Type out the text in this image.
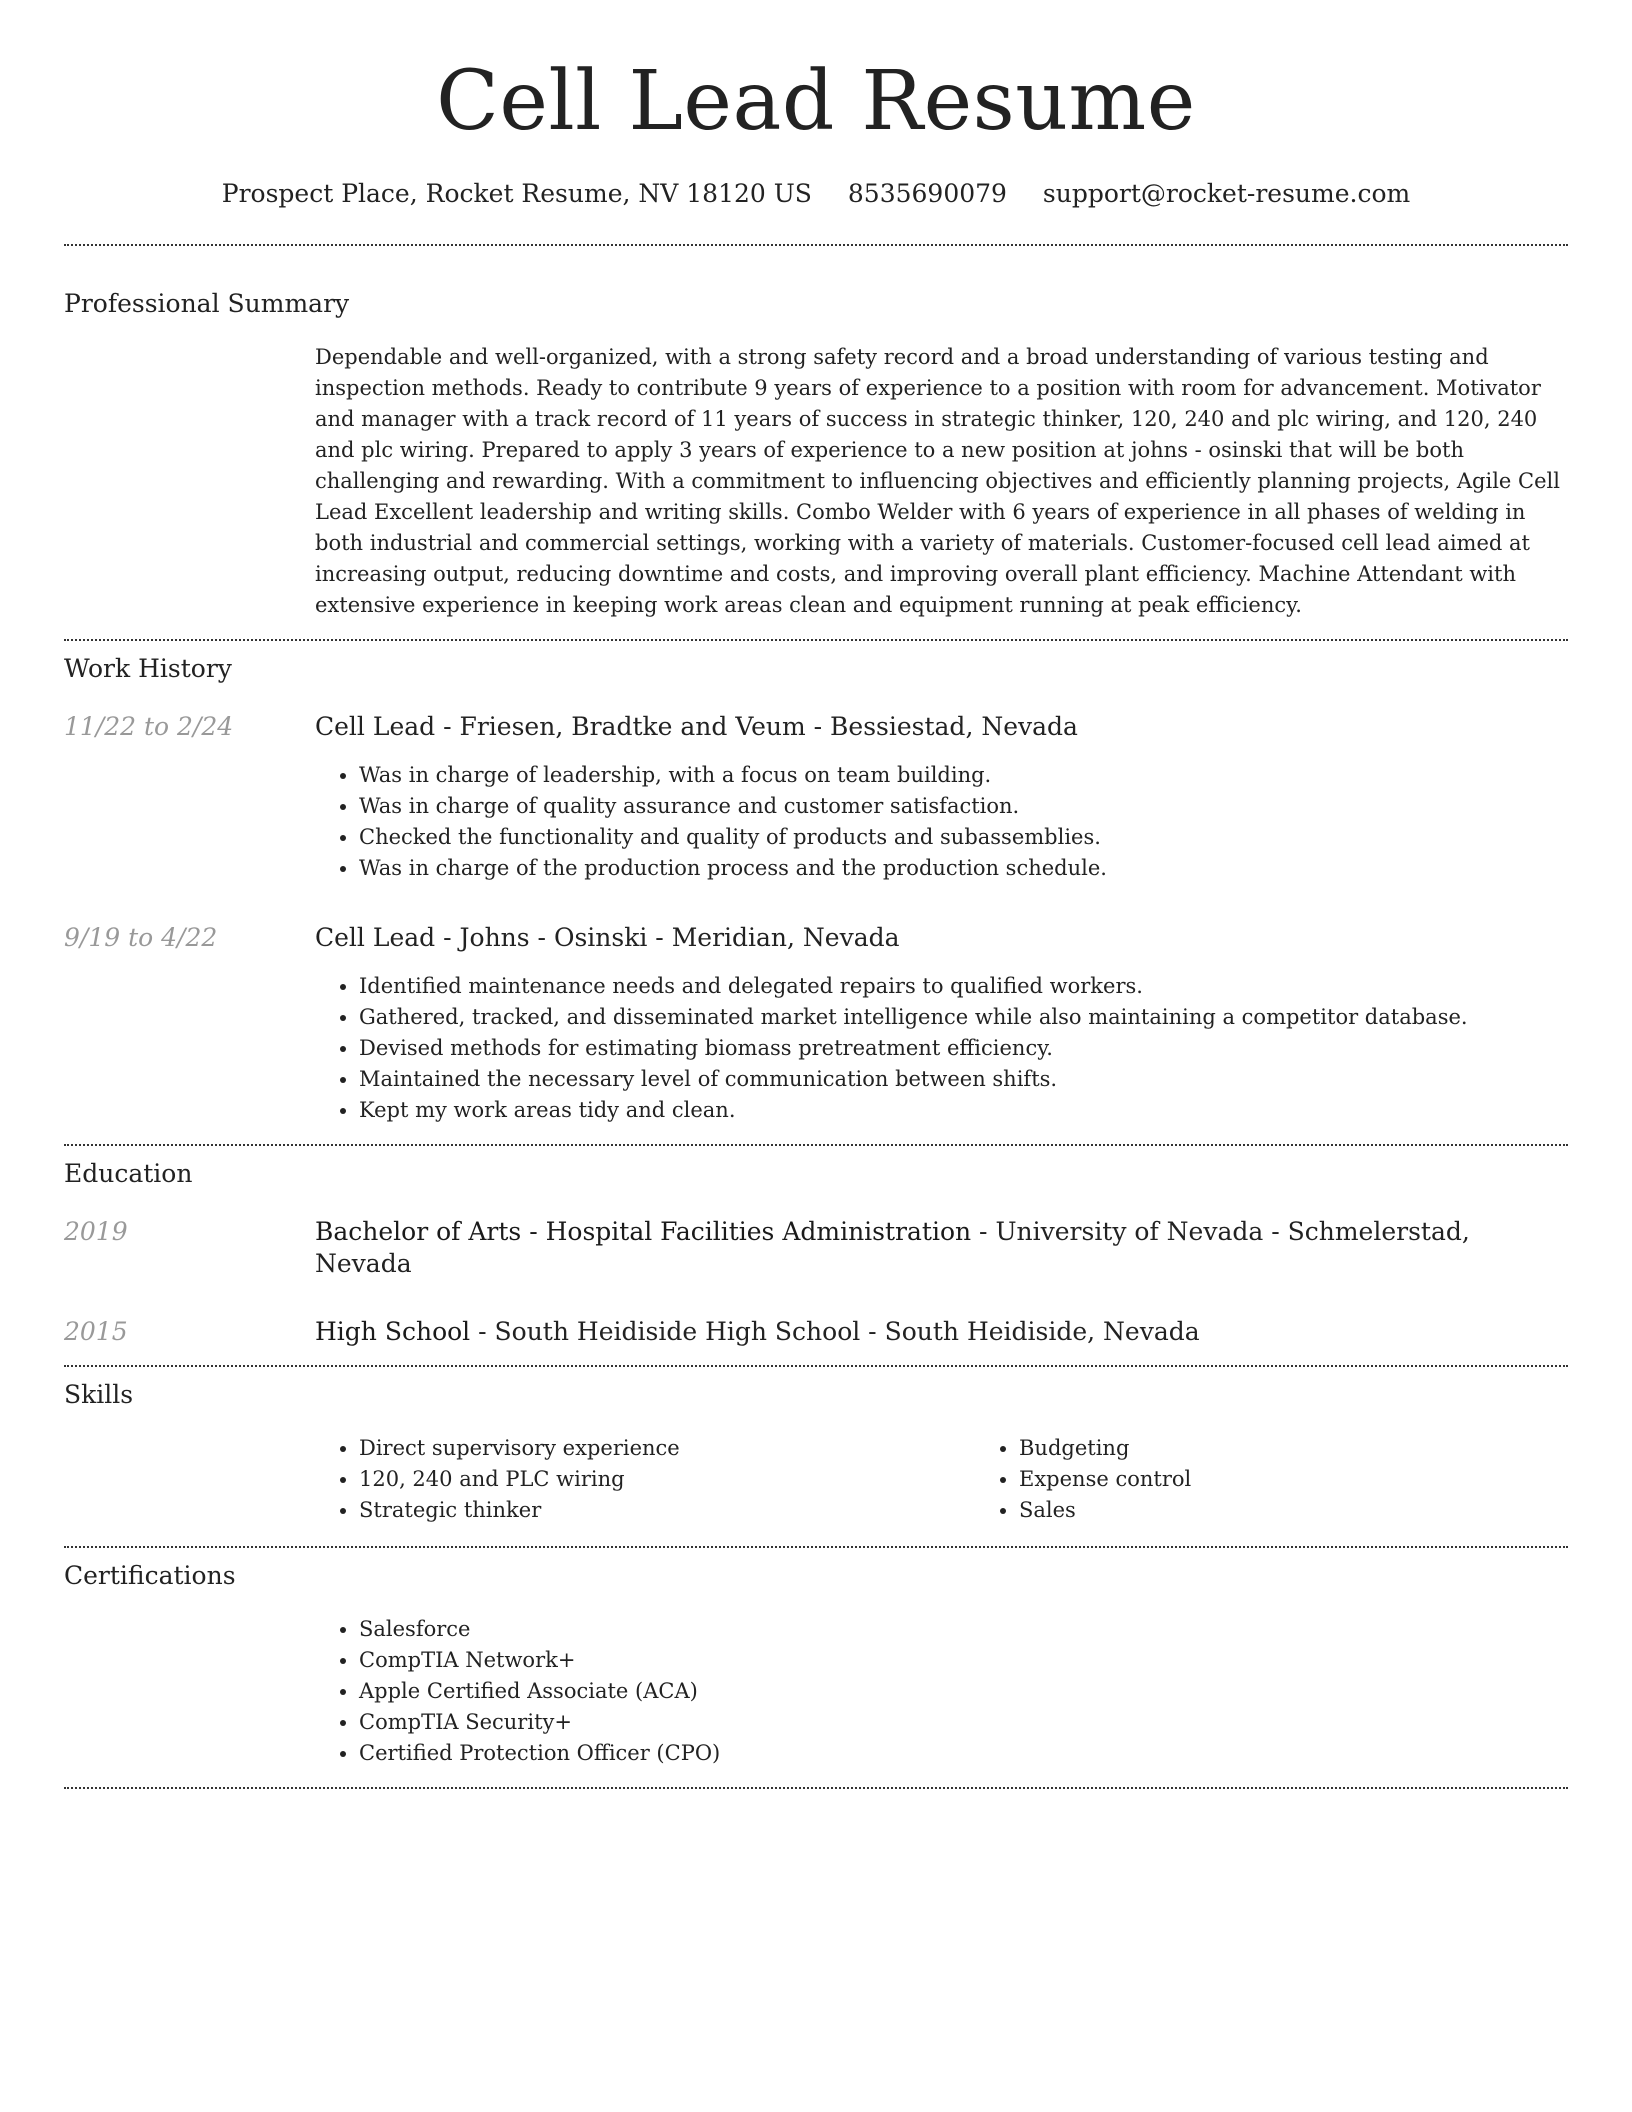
Cell Lead Resume
Prospect Place, Rocket Resume, NV 18120 US 8535690079 support@rocket-resume.com
Professional Summary

Dependable and well-organized, with a strong safety record and a broad understanding of various testing and inspection methods. Ready to contribute 9 years of experience to a position with room for advancement. Motivator and manager with a track record of 11 years of success in strategic thinker, 120, 240 and plc wiring, and 120, 240 and plc wiring. Prepared to apply 3 years of experience to a new position at johns - osinski that will be both challenging and rewarding. With a commitment to influencing objectives and efficiently planning projects, Agile Cell Lead Excellent leadership and writing skills. Combo Welder with 6 years of experience in all phases of welding in both industrial and commercial settings, working with a variety of materials. Customer-focused cell lead aimed at increasing output, reducing downtime and costs, and improving overall plant efficiency. Machine Attendant with extensive experience in keeping work areas clean and equipment running at peak efficiency.

Work History
11/22 to 2/24	Cell Lead - Friesen, Bradtke and Veum - Bessiestad, Nevada
• Was in charge of leadership, with a focus on team building.
• Was in charge of quality assurance and customer satisfaction.
• Checked the functionality and quality of products and subassemblies.
• Was in charge of the production process and the production schedule.
9/19 to 4/22	Cell Lead - Johns - Osinski - Meridian, Nevada
• Identified maintenance needs and delegated repairs to qualified workers.
• Gathered, tracked, and disseminated market intelligence while also maintaining a competitor database.
• Devised methods for estimating biomass pretreatment efficiency.
• Maintained the necessary level of communication between shifts.
• Kept my work areas tidy and clean.
Education
2019	Bachelor of Arts - Hospital Facilities Administration - University of Nevada - Schmelerstad, Nevada
2015	High School - South Heidiside High School - South Heidiside, Nevada
Skills
• Direct supervisory experience
• 120, 240 and PLC wiring
• Strategic thinker
• Budgeting
• Expense control
• Sales
Certifications
• Salesforce
• CompTIA Network+
• Apple Certified Associate (ACA)
• CompTIA Security+
• Certified Protection Officer (CPO)
